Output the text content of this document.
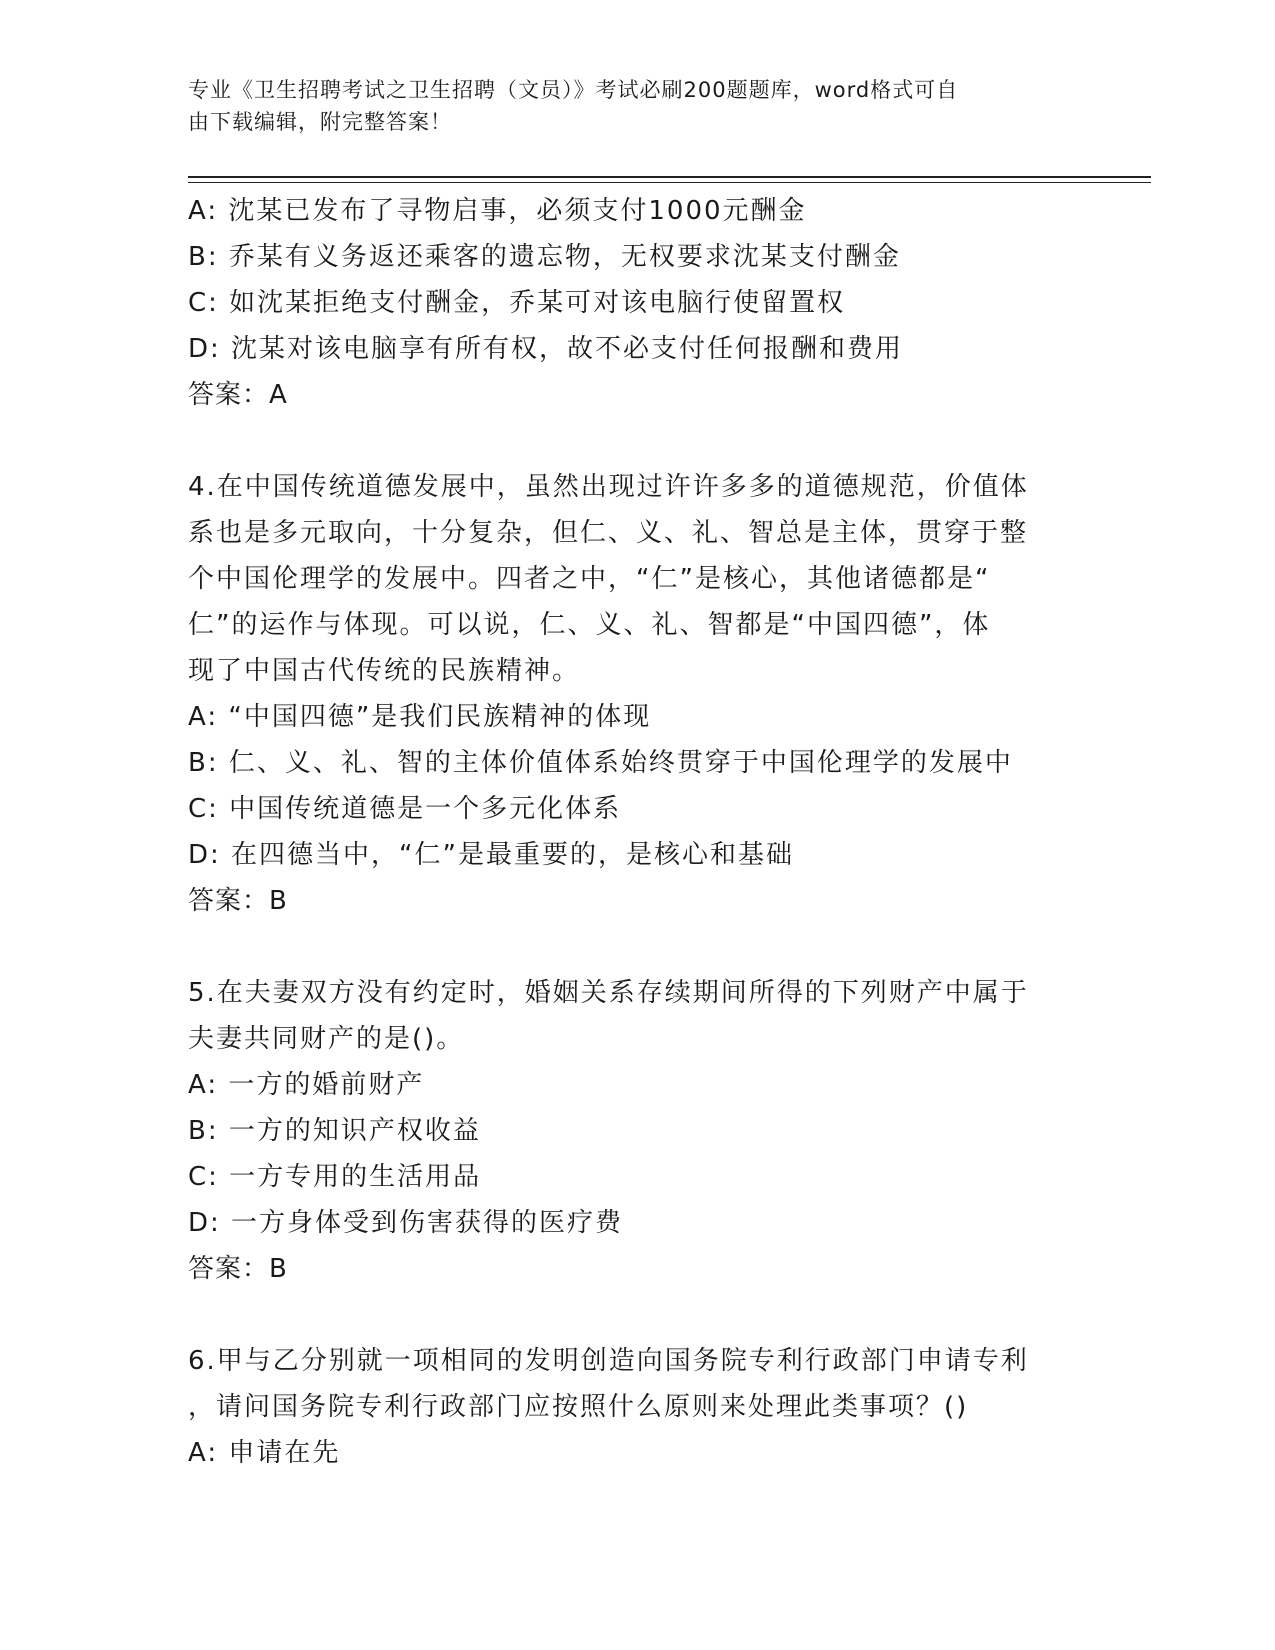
专业《卫生招聘考试之卫生招聘（文员）》考试必刷200题题库，word格式可自
由下载编辑，附完整答案！
A: 沈某已发布了寻物启事，必须支付1000元酬金
B: 乔某有义务返还乘客的遗忘物，无权要求沈某支付酬金
C: 如沈某拒绝支付酬金，乔某可对该电脑行使留置权
D: 沈某对该电脑享有所有权，故不必支付任何报酬和费用
答案：A
4.在中国传统道德发展中，虽然出现过许许多多的道德规范，价值体
系也是多元取向，十分复杂，但仁、义、礼、智总是主体，贯穿于整
个中国伦理学的发展中。四者之中，“仁”是核心，其他诸德都是“
仁”的运作与体现。可以说，仁、义、礼、智都是“中国四德”，体
现了中国古代传统的民族精神。
A: “中国四德”是我们民族精神的体现
B: 仁、义、礼、智的主体价值体系始终贯穿于中国伦理学的发展中
C: 中国传统道德是一个多元化体系
D: 在四德当中，“仁”是最重要的，是核心和基础
答案：B
5.在夫妻双方没有约定时，婚姻关系存续期间所得的下列财产中属于
夫妻共同财产的是()。
A: 一方的婚前财产
B: 一方的知识产权收益
C: 一方专用的生活用品
D: 一方身体受到伤害获得的医疗费
答案：B
6.甲与乙分别就一项相同的发明创造向国务院专利行政部门申请专利
，请问国务院专利行政部门应按照什么原则来处理此类事项？()
A: 申请在先
